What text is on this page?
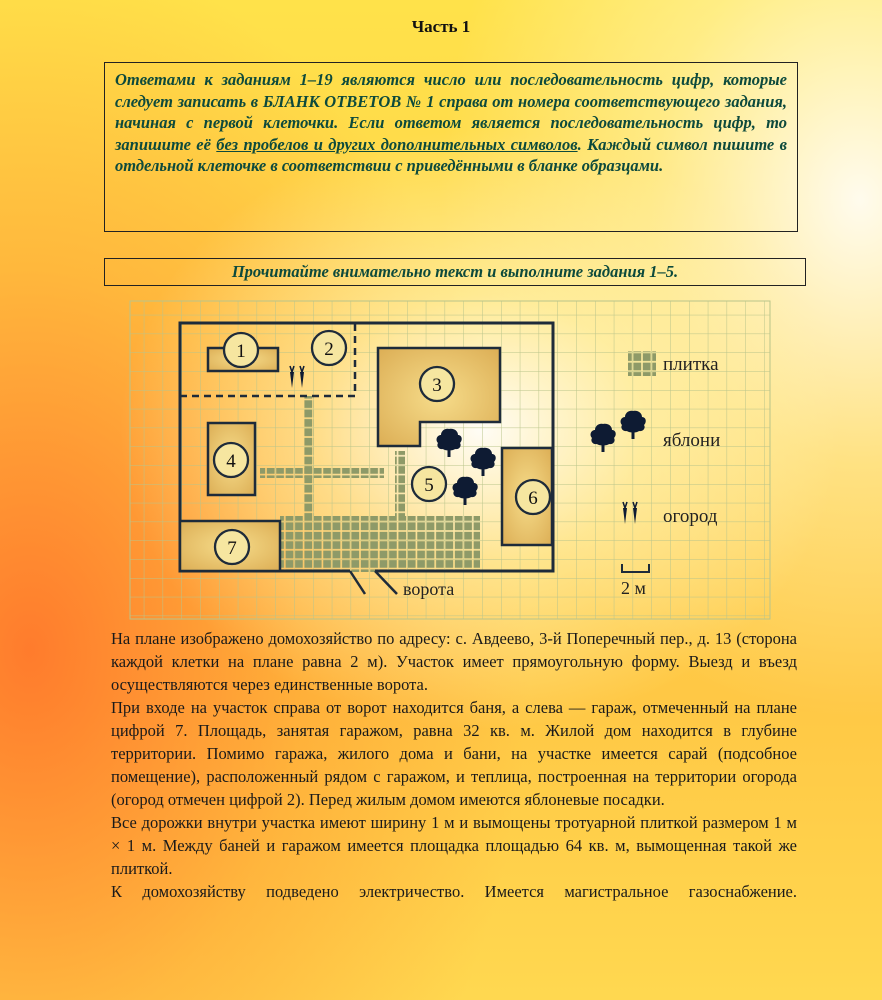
Часть 1

Ответами к заданиям 1–19 являются число или последовательность цифр, которые следует записать в БЛАНК ОТВЕТОВ № 1 справа от номера соответствующего задания, начиная с первой клеточки. Если ответом является последовательность цифр, то запишите её без пробелов и других дополнительных символов. Каждый символ пишите в отдельной клеточке в соответствии с приведёнными в бланке образцами.

Прочитайте внимательно текст и выполните задания 1–5.
1	2
3
4
5
6
7
ворота
плитка
яблони
огород
2 м

На плане изображено домохозяйство по адресу: с. Авдеево, 3-й Поперечный пер., д. 13 (сторона каждой клетки на плане равна 2 м). Участок имеет прямоугольную форму. Выезд и въезд осуществляются через единственные ворота.

При входе на участок справа от ворот находится баня, а слева — гараж, отмеченный на плане цифрой 7. Площадь, занятая гаражом, равна 32 кв. м. Жилой дом находится в глубине территории. Помимо гаража, жилого дома и бани, на участке имеется сарай (подсобное помещение), расположенный рядом с гаражом, и теплица, построенная на территории огорода (огород отмечен цифрой 2). Перед жилым домом имеются яблоневые посадки.

Все дорожки внутри участка имеют ширину 1 м и вымощены тротуарной плиткой размером 1 м × 1 м. Между баней и гаражом имеется площадка площадью 64 кв. м, вымощенная такой же плиткой.

К домохозяйству подведено электричество. Имеется магистральное газоснабжение.
